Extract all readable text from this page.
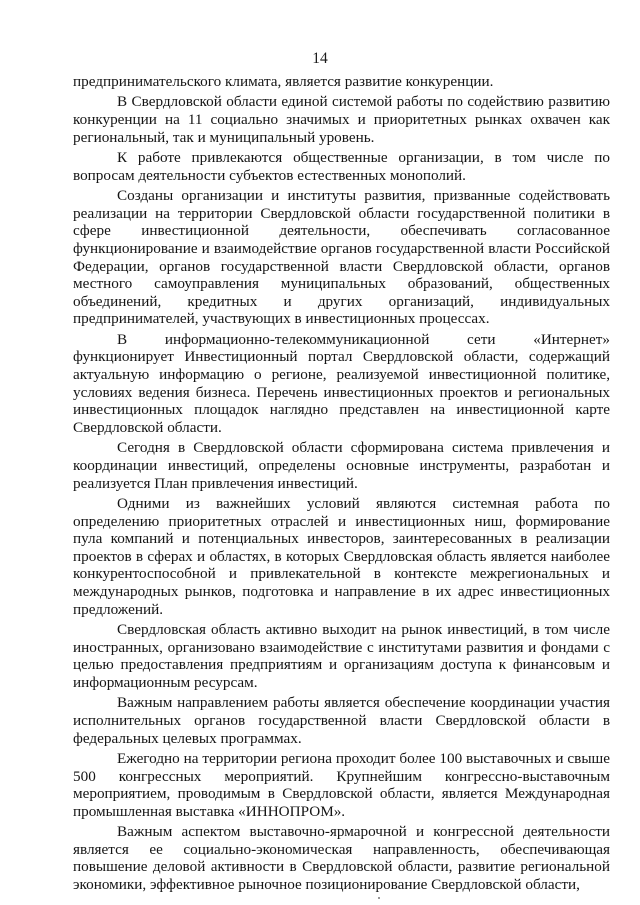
14

предпринимательского климата, является развитие конкуренции.

В Свердловской области единой системой работы по содействию развитию конкуренции на 11 социально значимых и приоритетных рынках охвачен как региональный, так и муниципальный уровень.

К работе привлекаются общественные организации, в том числе по вопросам деятельности субъектов естественных монополий.

Созданы организации и институты развития, призванные содействовать реализации на территории Свердловской области государственной политики в сфере инвестиционной деятельности, обеспечивать согласованное функционирование и взаимодействие органов государственной власти Российской Федерации, органов государственной власти Свердловской области, органов местного самоуправления муниципальных образований, общественных объединений, кредитных и других организаций, индивидуальных предпринимателей, участвующих в инвестиционных процессах.

В информационно-телекоммуникационной сети «Интернет» функционирует Инвестиционный портал Свердловской области, содержащий актуальную информацию о регионе, реализуемой инвестиционной политике, условиях ведения бизнеса. Перечень инвестиционных проектов и региональных инвестиционных площадок наглядно представлен на инвестиционной карте Свердловской области.

Сегодня в Свердловской области сформирована система привлечения и координации инвестиций, определены основные инструменты, разработан и реализуется План привлечения инвестиций.

Одними из важнейших условий являются системная работа по определению приоритетных отраслей и инвестиционных ниш, формирование пула компаний и потенциальных инвесторов, заинтересованных в реализации проектов в сферах и областях, в которых Свердловская область является наиболее конкурентоспособной и привлекательной в контексте межрегиональных и международных рынков, подготовка и направление в их адрес инвестиционных предложений.

Свердловская область активно выходит на рынок инвестиций, в том числе иностранных, организовано взаимодействие с институтами развития и фондами с целью предоставления предприятиям и организациям доступа к финансовым и информационным ресурсам.

Важным направлением работы является обеспечение координации участия исполнительных органов государственной власти Свердловской области в федеральных целевых программах.

Ежегодно на территории региона проходит более 100 выставочных и свыше 500 конгрессных мероприятий. Крупнейшим конгрессно-выставочным мероприятием, проводимым в Свердловской области, является Международная промышленная выставка «ИННОПРОМ».

Важным аспектом выставочно-ярмарочной и конгрессной деятельности является ее социально-экономическая направленность, обеспечивающая повышение деловой активности в Свердловской области, развитие региональной экономики, эффективное рыночное позиционирование Свердловской области,
